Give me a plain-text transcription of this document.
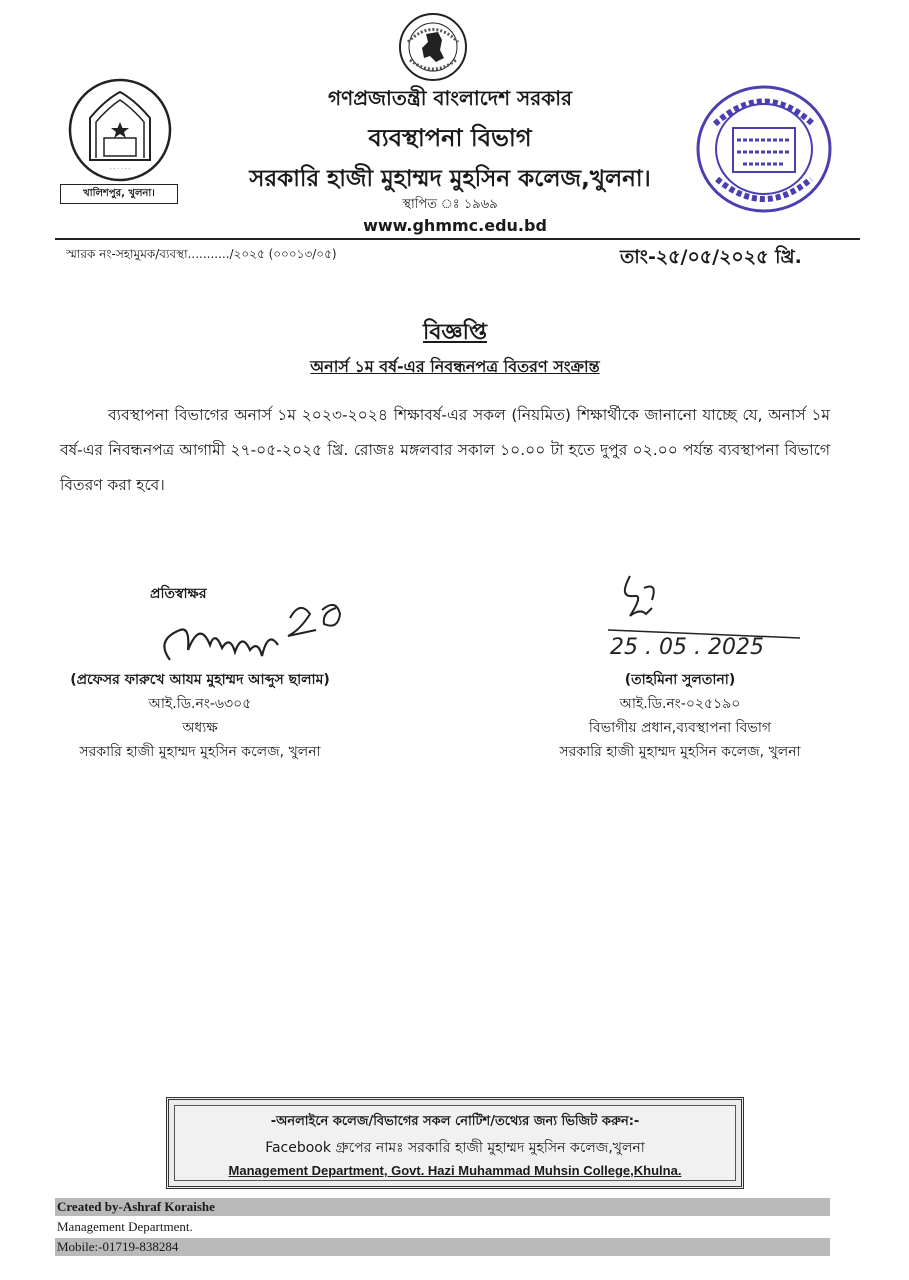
· · · · · ·
খালিশপুর, খুলনা।
গণপ্রজাতন্ত্রী বাংলাদেশ সরকার
ব্যবস্থাপনা বিভাগ
সরকারি হাজী মুহাম্মদ মুহসিন কলেজ,খুলনা।
স্থাপিত ঃ ১৯৬৯
www.ghmmc.edu.bd
স্মারক নং-সহামুমক/ব্যবস্থা.........../২০২৫ (০০০১৩/০৫)	তাং-২৫/০৫/২০২৫ খ্রি.
বিজ্ঞপ্তি
অনার্স ১ম বর্ষ-এর নিবন্ধনপত্র বিতরণ সংক্রান্ত
ব্যবস্থাপনা বিভাগের অনার্স ১ম ২০২৩-২০২৪ শিক্ষাবর্ষ-এর সকল (নিয়মিত) শিক্ষার্থীকে জানানো যাচ্ছে যে, অনার্স ১ম বর্ষ-এর নিবন্ধনপত্র আগামী ২৭-০৫-২০২৫ খ্রি. রোজঃ মঙ্গলবার সকাল ১০.০০ টা হতে দুপুর ০২.০০ পর্যন্ত ব্যবস্থাপনা বিভাগে বিতরণ করা হবে।
প্রতিস্বাক্ষর
25 . 05 . 2025
(প্রফেসর ফারুখে আযম মুহাম্মদ আব্দুস ছালাম)
আই.ডি.নং-৬৩০৫
অধ্যক্ষ
সরকারি হাজী মুহাম্মদ মুহসিন কলেজ, খুলনা
(তাহমিনা সুলতানা)
আই.ডি.নং-০২৫১৯০
বিভাগীয় প্রধান,ব্যবস্থাপনা বিভাগ
সরকারি হাজী মুহাম্মদ মুহসিন কলেজ, খুলনা
-অনলাইনে কলেজ/বিভাগের সকল নোটিশ/তথ্যের জন্য ভিজিট করুন:-
Facebook গ্রুপের নামঃ সরকারি হাজী মুহাম্মদ মুহসিন কলেজ,খুলনা
Management Department, Govt. Hazi Muhammad Muhsin College,Khulna.
Created by-Ashraf Koraishe
Management Department.
Mobile:-01719-838284
